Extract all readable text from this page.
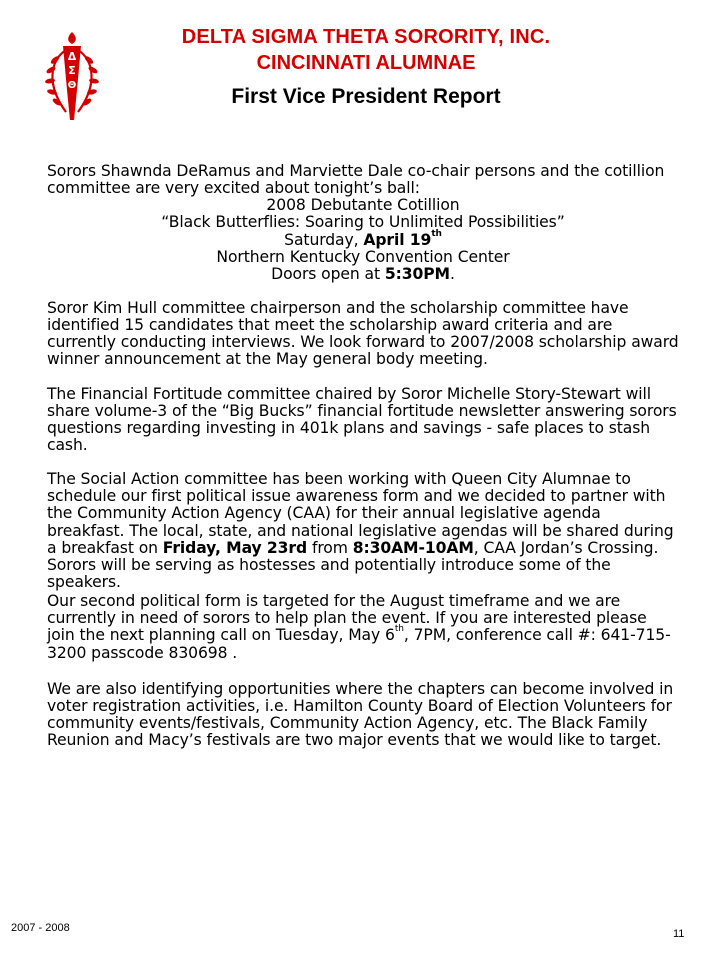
Δ
Σ
Θ
DELTA SIGMA THETA SORORITY, INC.
CINCINNATI ALUMNAE
First Vice President Report

Sorors Shawnda DeRamus and Marviette Dale co-chair persons and the cotillion committee are very excited about tonight’s ball:

2008 Debutante Cotillion

“Black Butterflies: Soaring to Unlimited Possibilities”

Saturday, April 19th

Northern Kentucky Convention Center

Doors open at 5:30PM.

Soror Kim Hull committee chairperson and the scholarship committee have identified 15 candidates that meet the scholarship award criteria and are currently conducting interviews. We look forward to 2007/2008 scholarship award winner announcement at the May general body meeting.

The Financial Fortitude committee chaired by Soror Michelle Story-Stewart will share volume-3 of the “Big Bucks” financial fortitude newsletter answering sorors questions regarding investing in 401k plans and savings - safe places to stash cash.

The Social Action committee has been working with Queen City Alumnae to schedule our first political issue awareness form and we decided to partner with the Community Action Agency (CAA) for their annual legislative agenda breakfast. The local, state, and national legislative agendas will be shared during a breakfast on Friday, May 23rd from 8:30AM-10AM, CAA Jordan’s Crossing. Sorors will be serving as hostesses and potentially introduce some of the speakers.

Our second political form is targeted for the August timeframe and we are currently in need of sorors to help plan the event. If you are interested please join the next planning call on Tuesday, May 6th, 7PM, conference call #: 641-715-3200 passcode 830698 .

We are also identifying opportunities where the chapters can become involved in voter registration activities, i.e. Hamilton County Board of Election Volunteers for community events/festivals, Community Action Agency, etc. The Black Family Reunion and Macy’s festivals are two major events that we would like to target.

2007 - 2008	11
